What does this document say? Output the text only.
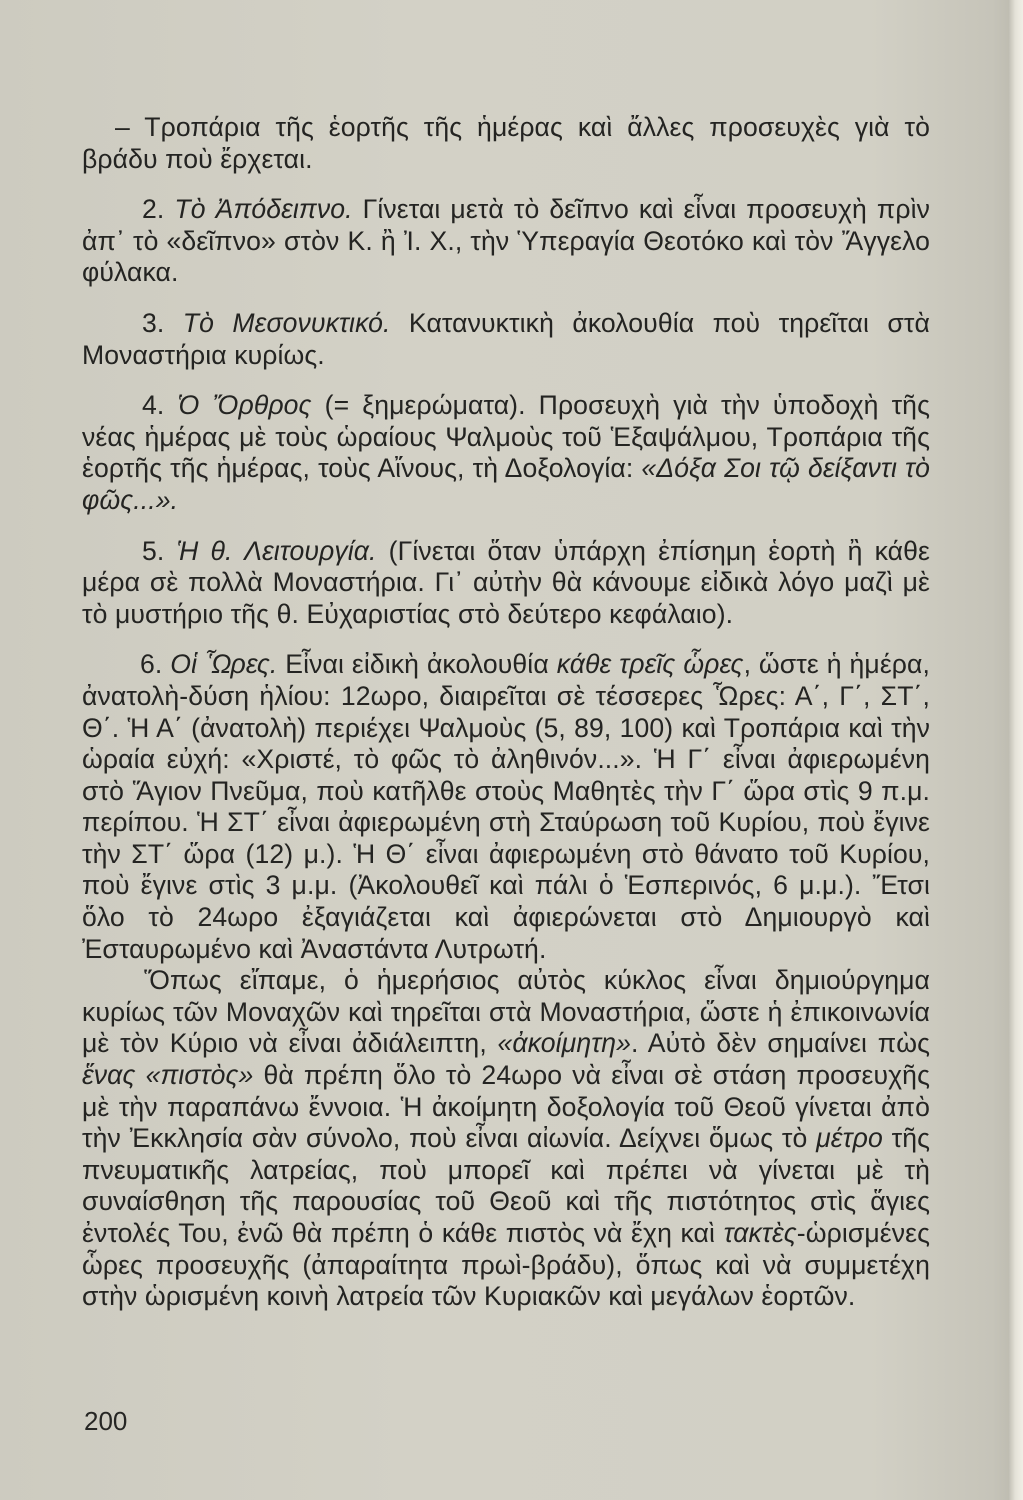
– Τροπάρια τῆς ἑορτῆς τῆς ἡμέρας καὶ ἄλλες προσευχὲς γιὰ τὸ βράδυ ποὺ ἔρχεται.

2. Τὸ Ἀπόδειπνο. Γίνεται μετὰ τὸ δεῖπνο καὶ εἶναι προσευχὴ πρὶν ἀπ᾿ τὸ «δεῖπνο» στὸν Κ. ἢ Ἰ. Χ., τὴν Ὑπεραγία Θεοτόκο καὶ τὸν Ἄγγελο φύλακα.

3. Τὸ Μεσονυκτικό. Κατανυκτικὴ ἀκολουθία ποὺ τηρεῖται στὰ Μοναστήρια κυρίως.

4. Ὁ Ὄρθρος (= ξημερώματα). Προσευχὴ γιὰ τὴν ὑποδοχὴ τῆς νέας ἡμέρας μὲ τοὺς ὡραίους Ψαλμοὺς τοῦ Ἑξαψάλμου, Τροπάρια τῆς ἑορτῆς τῆς ἡμέρας, τοὺς Αἴνους, τὴ Δοξολογία: «Δόξα Σοι τῷ δείξαντι τὸ φῶς...».

5. Ἡ θ. Λειτουργία. (Γίνεται ὅταν ὑπάρχη ἐπίσημη ἑορτὴ ἢ κάθε μέρα σὲ πολλὰ Μοναστήρια. Γι᾿ αὐτὴν θὰ κάνουμε εἰδικὰ λόγο μαζὶ μὲ τὸ μυστήριο τῆς θ. Εὐχαριστίας στὸ δεύτερο κεφάλαιο).

6. Οἱ Ὧρες. Εἶναι εἰδικὴ ἀκολουθία κάθε τρεῖς ὧρες, ὥστε ἡ ἡμέρα, ἀνατολὴ-δύση ἡλίου: 12ωρο, διαιρεῖται σὲ τέσσερες Ὧρες: Α΄, Γ΄, ΣΤ΄, Θ΄. Ἡ Α΄ (ἀνατολὴ) περιέχει Ψαλμοὺς (5, 89, 100) καὶ Τροπάρια καὶ τὴν ὡραία εὐχή: «Χριστέ, τὸ φῶς τὸ ἀληθινόν...». Ἡ Γ΄ εἶναι ἀφιερωμένη στὸ Ἅγιον Πνεῦμα, ποὺ κατῆλθε στοὺς Μαθητὲς τὴν Γ΄ ὥρα στὶς 9 π.μ. περίπου. Ἡ ΣΤ΄ εἶναι ἀφιερωμένη στὴ Σταύρωση τοῦ Κυρίου, ποὺ ἔγινε τὴν ΣΤ΄ ὥρα (12) μ.). Ἡ Θ΄ εἶναι ἀφιερωμένη στὸ θάνατο τοῦ Κυρίου, ποὺ ἔγινε στὶς 3 μ.μ. (Ἀκολουθεῖ καὶ πάλι ὁ Ἑσπερινός, 6 μ.μ.). Ἔτσι ὅλο τὸ 24ωρο ἐξαγιάζεται καὶ ἀφιερώνεται στὸ Δημιουργὸ καὶ Ἐσταυρωμένο καὶ Ἀναστάντα Λυτρωτή.

Ὅπως εἴπαμε, ὁ ἡμερήσιος αὐτὸς κύκλος εἶναι δημιούργημα κυρίως τῶν Μοναχῶν καὶ τηρεῖται στὰ Μοναστήρια, ὥστε ἡ ἐπικοινωνία μὲ τὸν Κύριο νὰ εἶναι ἀδιάλειπτη, «ἀκοίμητη». Αὐτὸ δὲν σημαίνει πὼς ἕνας «πιστὸς» θὰ πρέπη ὅλο τὸ 24ωρο νὰ εἶναι σὲ στάση προσευχῆς μὲ τὴν παραπάνω ἔννοια. Ἡ ἀκοίμητη δοξολογία τοῦ Θεοῦ γίνεται ἀπὸ τὴν Ἐκκλησία σὰν σύνολο, ποὺ εἶναι αἰωνία. Δείχνει ὅμως τὸ μέτρο τῆς πνευματικῆς λατρείας, ποὺ μπορεῖ καὶ πρέπει νὰ γίνεται μὲ τὴ συναίσθηση τῆς παρουσίας τοῦ Θεοῦ καὶ τῆς πιστότητος στὶς ἅγιες ἐντολές Του, ἐνῶ θὰ πρέπη ὁ κάθε πιστὸς νὰ ἔχη καὶ τακτὲς-ὡρισμένες ὧρες προσευχῆς (ἀπαραίτητα πρωὶ-βράδυ), ὅπως καὶ νὰ συμμετέχη στὴν ὡρισμένη κοινὴ λατρεία τῶν Κυριακῶν καὶ μεγάλων ἑορτῶν.

200
